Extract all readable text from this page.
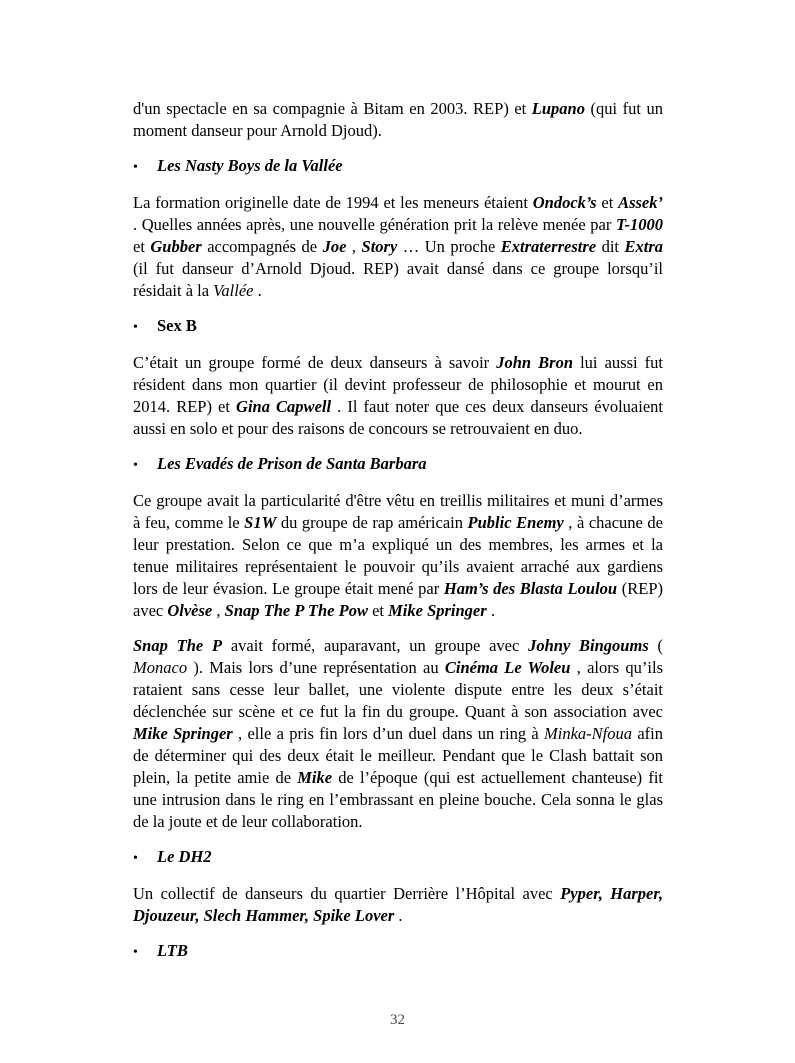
d'un spectacle en sa compagnie à Bitam en 2003. REP) et Lupano (qui fut un moment danseur pour Arnold Djoud).

•	Les Nasty Boys de la Vallée

La formation originelle date de 1994 et les meneurs étaient Ondock’s et Assek’ . Quelles années après, une nouvelle génération prit la relève menée par T-1000 et Gubber accompagnés de Joe , Story … Un proche Extraterrestre dit Extra (il fut danseur d’Arnold Djoud. REP) avait dansé dans ce groupe lorsqu’il résidait à la Vallée .

•	Sex B

C’était un groupe formé de deux danseurs à savoir John Bron lui aussi fut résident dans mon quartier (il devint professeur de philosophie et mourut en 2014. REP) et Gina Capwell . Il faut noter que ces deux danseurs évoluaient aussi en solo et pour des raisons de concours se retrouvaient en duo.

•	Les Evadés de Prison de Santa Barbara

Ce groupe avait la particularité d'être vêtu en treillis militaires et muni d’armes à feu, comme le S1W du groupe de rap américain Public Enemy , à chacune de leur prestation. Selon ce que m’a expliqué un des membres, les armes et la tenue militaires représentaient le pouvoir qu’ils avaient arraché aux gardiens lors de leur évasion. Le groupe était mené par Ham’s des Blasta Loulou (REP) avec Olvèse , Snap The P The Pow et Mike Springer .

Snap The P avait formé, auparavant, un groupe avec Johny Bingoums ( Monaco ). Mais lors d’une représentation au Cinéma Le Woleu , alors qu’ils rataient sans cesse leur ballet, une violente dispute entre les deux s’était déclenchée sur scène et ce fut la fin du groupe. Quant à son association avec Mike Springer , elle a pris fin lors d’un duel dans un ring à Minka-Nfoua afin de déterminer qui des deux était le meilleur. Pendant que le Clash battait son plein, la petite amie de Mike de l’époque (qui est actuellement chanteuse) fit une intrusion dans le ring en l’embrassant en pleine bouche. Cela sonna le glas de la joute et de leur collaboration.

•	Le DH2

Un collectif de danseurs du quartier Derrière l’Hôpital avec Pyper, Harper, Djouzeur, Slech Hammer, Spike Lover .

•	LTB
32
